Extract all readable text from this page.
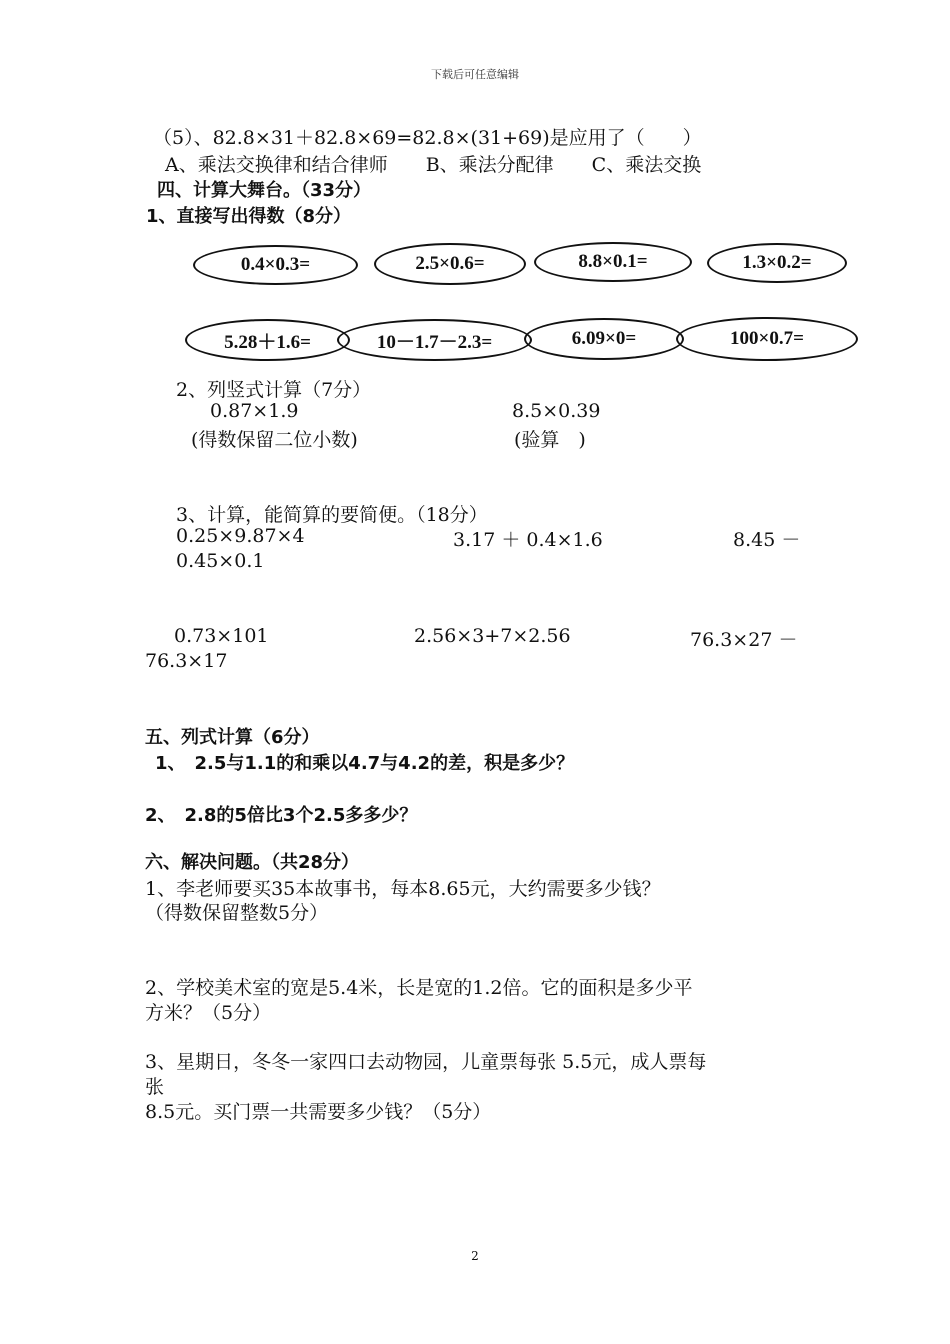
下载后可任意编辑
（5）、82.8×31＋82.8×69=82.8×(31+69)是应用了（　　）
A、乘法交换律和结合律师　　B、乘法分配律　　C、乘法交换
四、计算大舞台。（33分）
1、直接写出得数（8分）
0.4×0.3=	2.5×0.6=	8.8×0.1=	1.3×0.2=
5.28＋1.6=	10－1.7－2.3=	6.09×0=	100×0.7=
2、列竖式计算（7分）
0.87×1.9	8.5×0.39
(得数保留二位小数)	(验算　)
3、计算，能简算的要简便。（18分）
0.25×9.87×4	3.17 ＋ 0.4×1.6	8.45 －
0.45×0.1
0.73×101	2.56×3+7×2.56	76.3×27 －
76.3×17
五、列式计算（6分）
1、　2.5与1.1的和乘以4.7与4.2的差，积是多少？
2、　2.8的5倍比3个2.5多多少？
六、解决问题。（共28分）
1、李老师要买35本故事书，每本8.65元，大约需要多少钱？
（得数保留整数5分）
2、学校美术室的宽是5.4米，长是宽的1.2倍。它的面积是多少平
方米？（5分）
3、星期日，冬冬一家四口去动物园，儿童票每张 5.5元，成人票每
张
8.5元。买门票一共需要多少钱？（5分）
2
